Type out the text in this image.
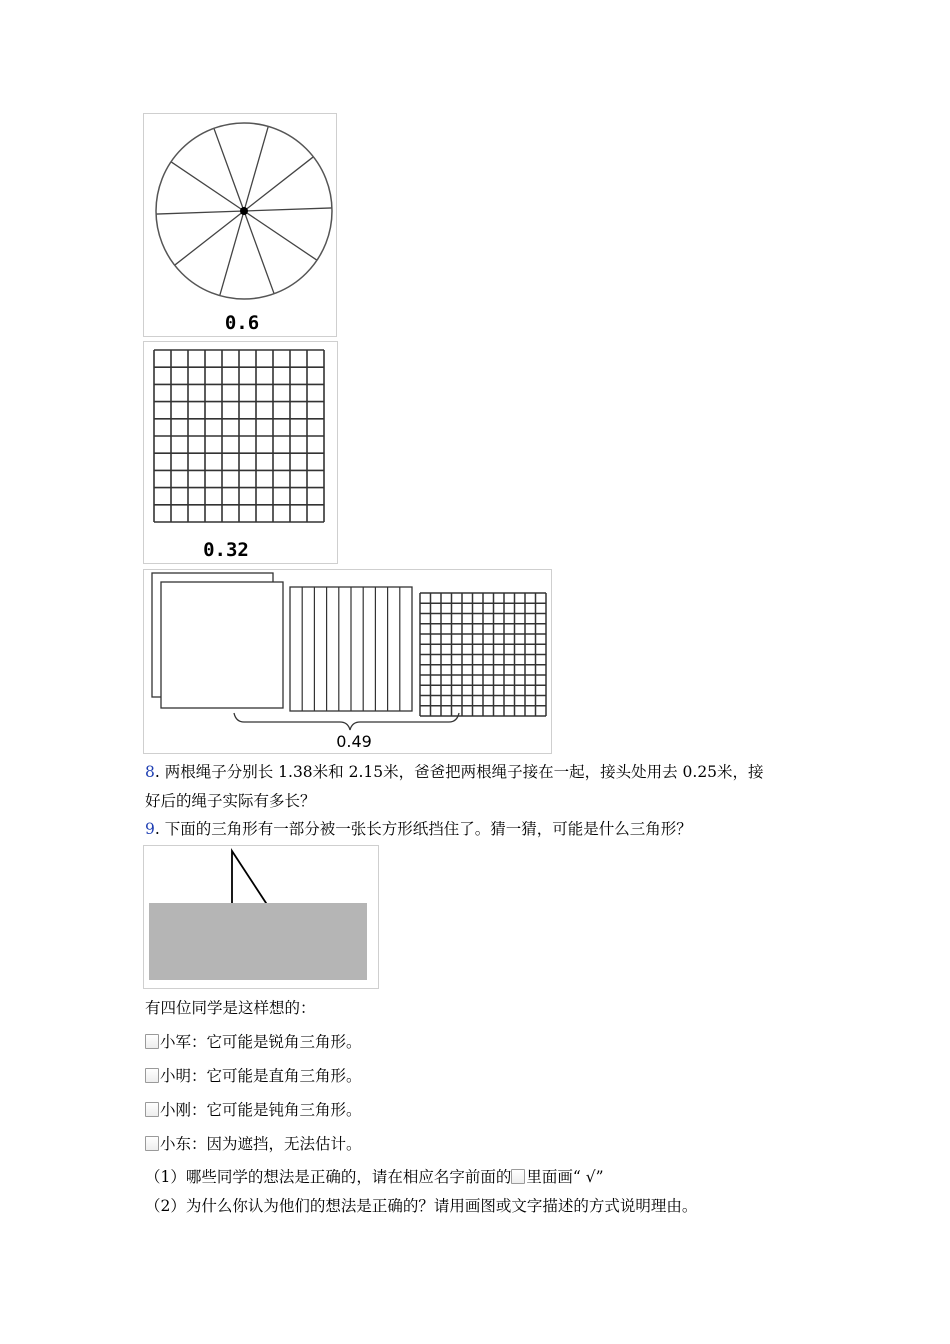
0.6
0.32
0.49
8. 两根绳子分别长 1.38米和 2.15米，爸爸把两根绳子接在一起，接头处用去 0.25米，接
好后的绳子实际有多长？
9. 下面的三角形有一部分被一张长方形纸挡住了。猜一猜，可能是什么三角形？
有四位同学是这样想的：
小军：它可能是锐角三角形。
小明：它可能是直角三角形。
小刚：它可能是钝角三角形。
小东：因为遮挡，无法估计。
（1）哪些同学的想法是正确的，请在相应名字前面的 里面画“ √”
（2）为什么你认为他们的想法是正确的？请用画图或文字描述的方式说明理由。
